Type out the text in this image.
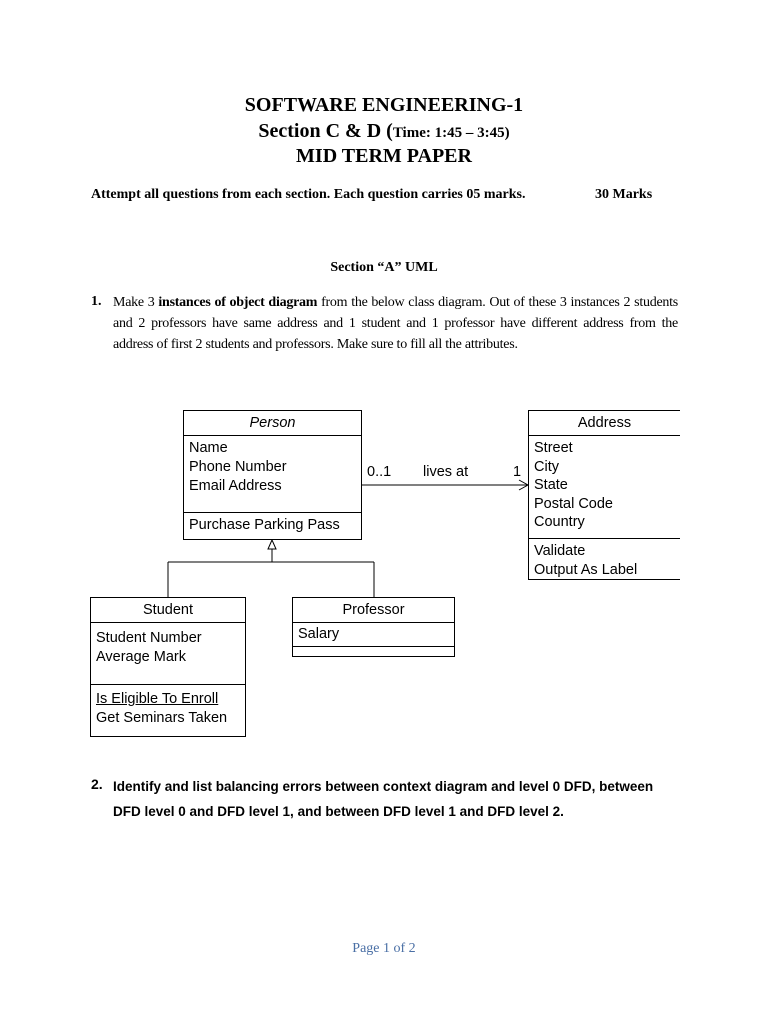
SOFTWARE ENGINEERING-1
Section C & D (Time: 1:45 – 3:45)
MID TERM PAPER
Attempt all questions from each section. Each question carries 05 marks.	30 Marks
Section “A” UML
1. Make 3 instances of object diagram from the below class diagram. Out of these 3 instances 2 students and 2 professors have same address and 1 student and 1 professor have different address from the address of first 2 students and professors. Make sure to fill all the attributes.
Person
Name
Phone Number
Email Address
Purchase Parking Pass
0..1 lives at	1
Address
Street
City
State
Postal Code
Country
Validate
Output As Label
Student
Student Number
Average Mark
Is Eligible To Enroll
Get Seminars Taken
Professor
Salary
2. Identify and list balancing errors between context diagram and level 0 DFD, between DFD level 0 and DFD level 1, and between DFD level 1 and DFD level 2.
Page 1 of 2
